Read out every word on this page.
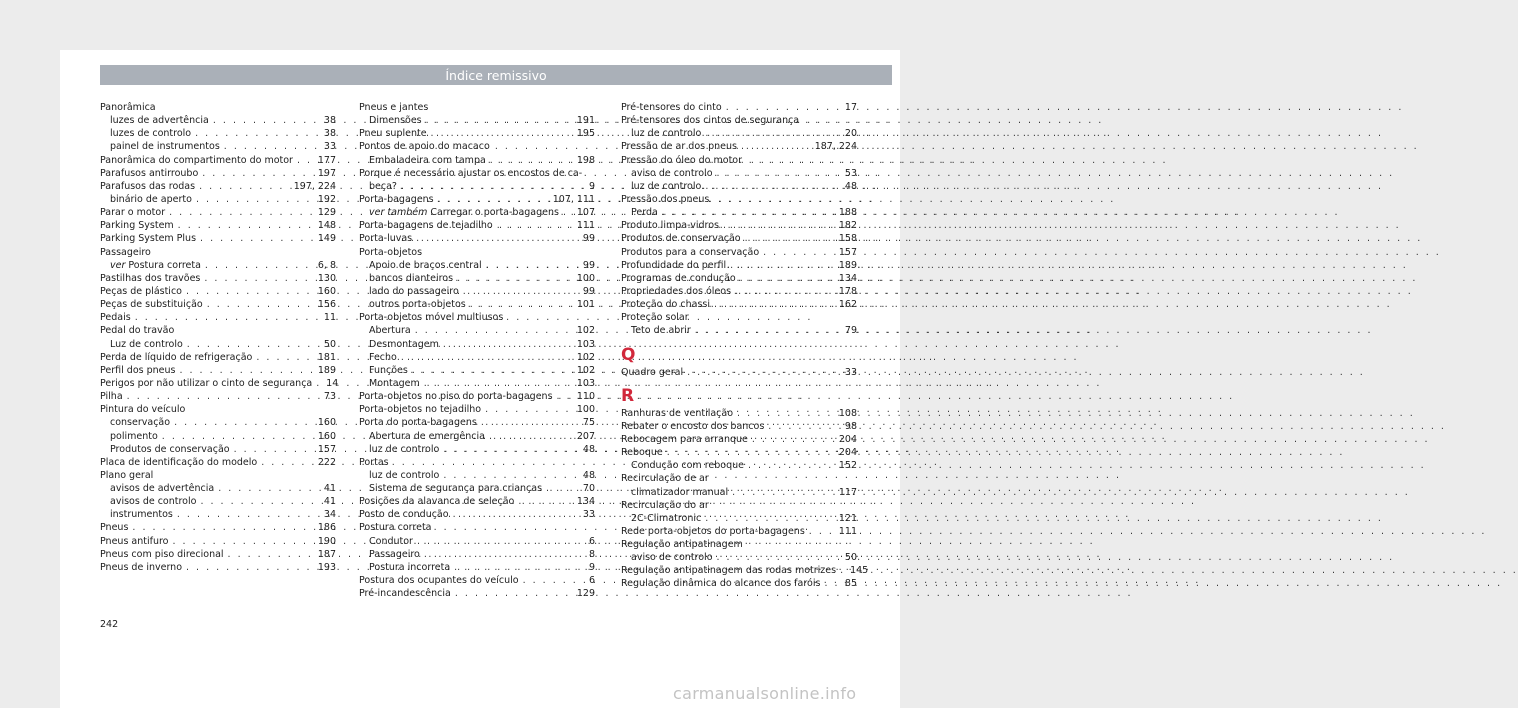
Índice remissivo
Panorâmica
luzes de advertência . . .	38
luzes de controlo . . .	38
painel de instrumentos . . .	33
Panorâmica do compartimento do motor . . .	177
Parafusos antirroubo . . .	197
Parafusos das rodas . . .	197, 224
binário de aperto . . .	192
Parar o motor . . .	129
Parking System . . .	148
Parking System Plus . . .	149
Passageiro
ver Postura correta . . .	6, 8
Pastilhas dos travões . . .	130
Peças de plástico . . .	160
Peças de substituição . . .	156
Pedais . . .	11
Pedal do travão
Luz de controlo . . .	50
Perda de líquido de refrigeração . . .	181
Perfil dos pneus . . .	189
Perigos por não utilizar o cinto de segurança . . . 14
Pilha . . .	73
Pintura do veículo
conservação . . .	160
polimento . . .	160
Produtos de conservação . . .	157
Placa de identificação do modelo . . .	222
Plano geral
avisos de advertência . . .	41
avisos de controlo . . .	41
instrumentos . . .	34
Pneus . . .	186
Pneus antifuro . . .	190
Pneus com piso direcional . . .	187
Pneus de inverno . . .	193
Pneus e jantes
Dimensões . . .	191
Pneu suplente . . .	195
Pontos de apoio do macaco
Embaladeira com tampa . . .	198
Porque é necessário ajustar os encostos de ca-
beça? . . .	9
Porta-bagagens . . .	107, 111
ver também Carregar o porta-bagagens . . . 107
Porta-bagagens de tejadilho . . .	111
Porta-luvas . . .	99
Porta-objetos
Apoio de braços central . . .	99
bancos dianteiros . . .	100
lado do passageiro . . .	99
outros porta-objetos . . .	101
Porta-objetos móvel multiusos
Abertura . . .	102
Desmontagem . . .	103
Fecho . . .	102
Funções . . .	102
Montagem . . .	103
Porta-objetos no piso do porta-bagagens . . .	110
Porta-objetos no tejadilho . . .	100
Porta do porta-bagagens . . .	75
Abertura de emergência . . .	207
luz de controlo . . .	48
Portas
luz de controlo . . .	48
Sistema de segurança para crianças . . .	70
Posições da alavanca de seleção . . .	134
Posto de condução . . .	33
Postura correta
Condutor . . .	6
Passageiro . . .	8
Postura incorreta . . .	9
Postura dos ocupantes do veículo . . .	6
Pré-incandescência . . .	129
Pré-tensores do cinto . . .	17
Pré-tensores dos cintos de segurança
luz de controlo . . .	20
Pressão de ar dos pneus . . .	187, 224
Pressão do óleo do motor
aviso de controlo . . .	53
luz de controlo . . .	48
Pressão dos pneus
Perda . . .	188
Produto limpa-vidros . . .	182
Produtos de conservação . . .	158
Produtos para a conservação . . .	157
Profundidade do perfil . . .	189
Programas de condução . . .	134
Propriedades dos óleos . . .	178
Proteção do chassi . . .	162
Proteção solar
Teto de abrir . . .	79
Q
Quadro geral . . .	33
R
Ranhuras de ventilação . . .	108
Rebater o encosto dos bancos . . .	98
Rebocagem para arranque . . .	204
Reboque . . .	204
Condução com reboque . . .	152
Recirculação de ar
climatizador manual . . .	117
Recirculação do ar
2C-Climatronic . . .	121
Rede porta-objetos do porta-bagagens . . .	111
Regulação antipatinagem
aviso de controlo . . .	50
Regulação antipatinagem das rodas motrizes . . . 145
Regulação dinâmica do alcance dos faróis . . .	85
242
carmanualsonline.info
